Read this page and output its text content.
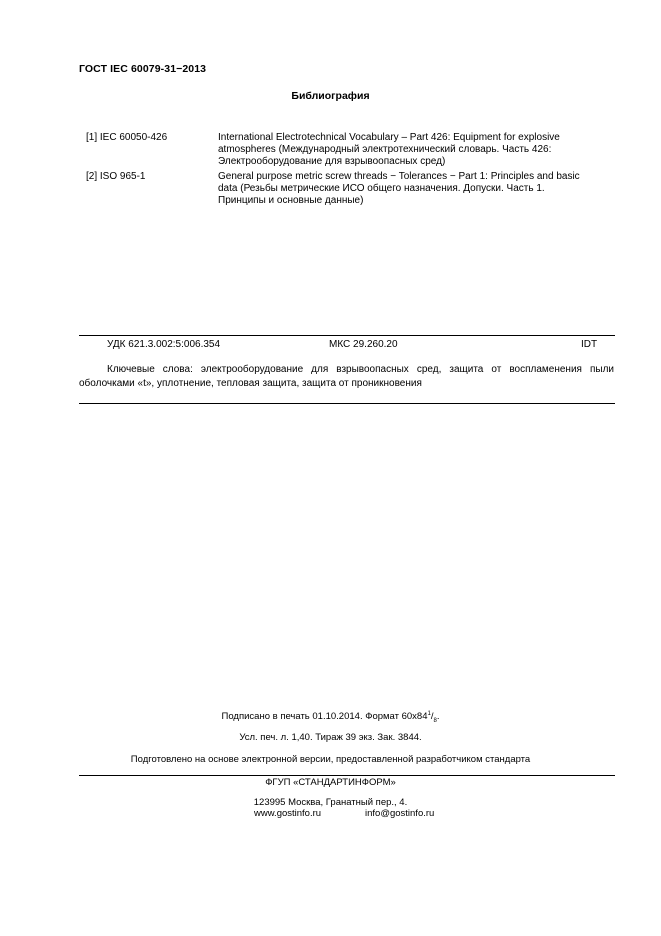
ГОСТ IEC 60079-31−2013
Библиография
[1] IEC 60050-426	International Electrotechnical Vocabulary – Part 426: Equipment for explosive
atmospheres (Международный электротехнический словарь. Часть 426:
Электрооборудование для взрывоопасных сред)
[2] ISO 965-1	General purpose metric screw threads − Tolerances − Part 1: Principles and basic
data (Резьбы метрические ИСО общего назначения. Допуски. Часть 1.
Принципы и основные данные)
УДК 621.3.002:5:006.354	МКС 29.260.20	IDT
Ключевые слова: электрооборудование для взрывоопасных сред, защита от воспламенения пыли оболочками «t», уплотнение, тепловая защита, защита от проникновения
Подписано в печать 01.10.2014. Формат $60x84^1/_8$.
Усл. печ. л. 1,40. Тираж 39 экз. Зак. 3844.
Подготовлено на основе электронной версии, предоставленной разработчиком стандарта
ФГУП «СТАНДАРТИНФОРМ»
123995 Москва, Гранатный пер., 4.
www.gostinfo.ru	info@gostinfo.ru
